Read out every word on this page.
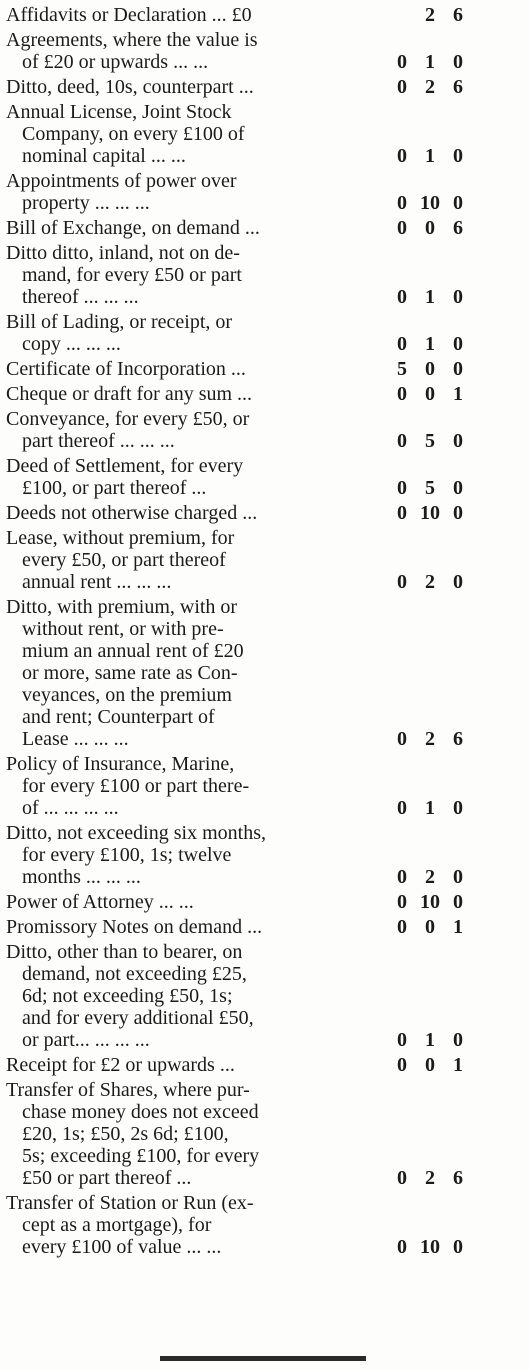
Affidavits or Declaration ... £0	2 6
Agreements, where the value is
of £20 or upwards ... ...	0 1 0
Ditto, deed, 10s, counterpart ...	0 2 6
Annual License, Joint Stock
Company, on every £100 of
nominal capital ... ...	0 1 0
Appointments of power over
property ... ... ...	0 10 0
Bill of Exchange, on demand ...	0 0 6
Ditto ditto, inland, not on de-
mand, for every £50 or part
thereof ... ... ...	0 1 0
Bill of Lading, or receipt, or
copy ... ... ...	0 1 0
Certificate of Incorporation ...	5 0 0
Cheque or draft for any sum ...	0 0 1
Conveyance, for every £50, or
part thereof ... ... ...	0 5 0
Deed of Settlement, for every
£100, or part thereof ...	0 5 0
Deeds not otherwise charged ...	0 10 0
Lease, without premium, for
every £50, or part thereof
annual rent ... ... ...	0 2 0
Ditto, with premium, with or
without rent, or with pre-
mium an annual rent of £20
or more, same rate as Con-
veyances, on the premium
and rent; Counterpart of
Lease ... ... ...	0 2 6
Policy of Insurance, Marine,
for every £100 or part there-
of ... ... ... ...	0 1 0
Ditto, not exceeding six months,
for every £100, 1s; twelve
months ... ... ...	0 2 0
Power of Attorney ... ...	0 10 0
Promissory Notes on demand ...	0 0 1
Ditto, other than to bearer, on
demand, not exceeding £25,
6d; not exceeding £50, 1s;
and for every additional £50,
or part... ... ... ...	0 1 0
Receipt for £2 or upwards ...	0 0 1
Transfer of Shares, where pur-
chase money does not exceed
£20, 1s; £50, 2s 6d; £100,
5s; exceeding £100, for every
£50 or part thereof ...	0 2 6
Transfer of Station or Run (ex-
cept as a mortgage), for
every £100 of value ... ...	0 10 0
